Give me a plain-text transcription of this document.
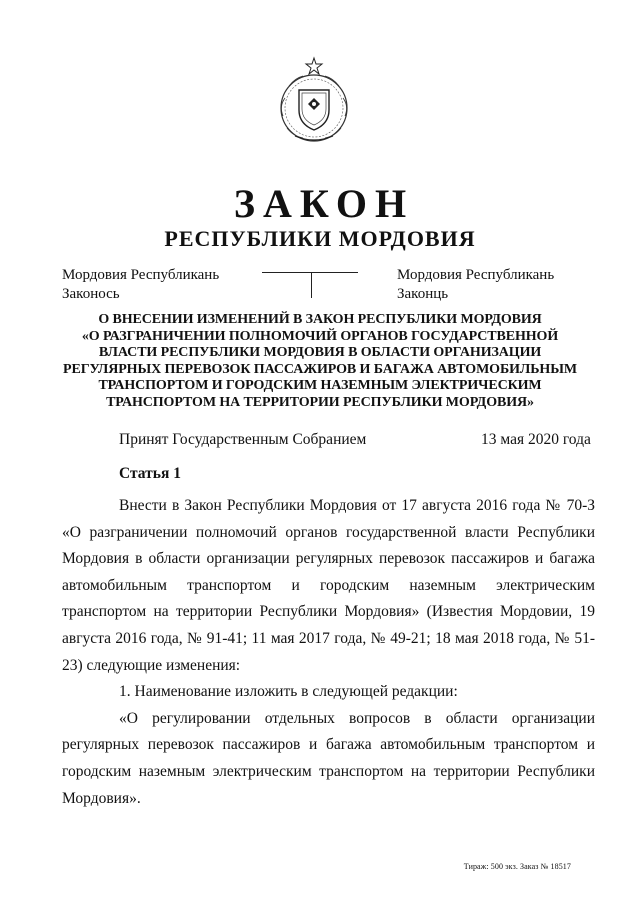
ЗАКОН
РЕСПУБЛИКИ МОРДОВИЯ
Мордовия Республикань
Законось
Мордовия Республикань
Законць
О ВНЕСЕНИИ ИЗМЕНЕНИЙ В ЗАКОН РЕСПУБЛИКИ МОРДОВИЯ
«О РАЗГРАНИЧЕНИИ ПОЛНОМОЧИЙ ОРГАНОВ ГОСУДАРСТВЕННОЙ
ВЛАСТИ РЕСПУБЛИКИ МОРДОВИЯ В ОБЛАСТИ ОРГАНИЗАЦИИ
РЕГУЛЯРНЫХ ПЕРЕВОЗОК ПАССАЖИРОВ И БАГАЖА АВТОМОБИЛЬНЫМ
ТРАНСПОРТОМ И ГОРОДСКИМ НАЗЕМНЫМ ЭЛЕКТРИЧЕСКИМ
ТРАНСПОРТОМ НА ТЕРРИТОРИИ РЕСПУБЛИКИ МОРДОВИЯ»
Принят Государственным Собранием	13 мая 2020 года
Статья 1

Внести в Закон Республики Мордовия от 17 августа 2016 года № 70-З «О разграничении полномочий органов государственной власти Республики Мордовия в области организации регулярных перевозок пассажиров и багажа автомобильным транспортом и городским наземным электрическим транспортом на территории Республики Мордовия» (Известия Мордовии, 19 августа 2016 года, № 91-41; 11 мая 2017 года, № 49-21; 18 мая 2018 года, № 51-23) следующие изменения:

1. Наименование изложить в следующей редакции:

«О регулировании отдельных вопросов в области организации регулярных перевозок пассажиров и багажа автомобильным транспортом и городским наземным электрическим транспортом на территории Республики Мордовия».

Тираж: 500 экз. Заказ № 18517
